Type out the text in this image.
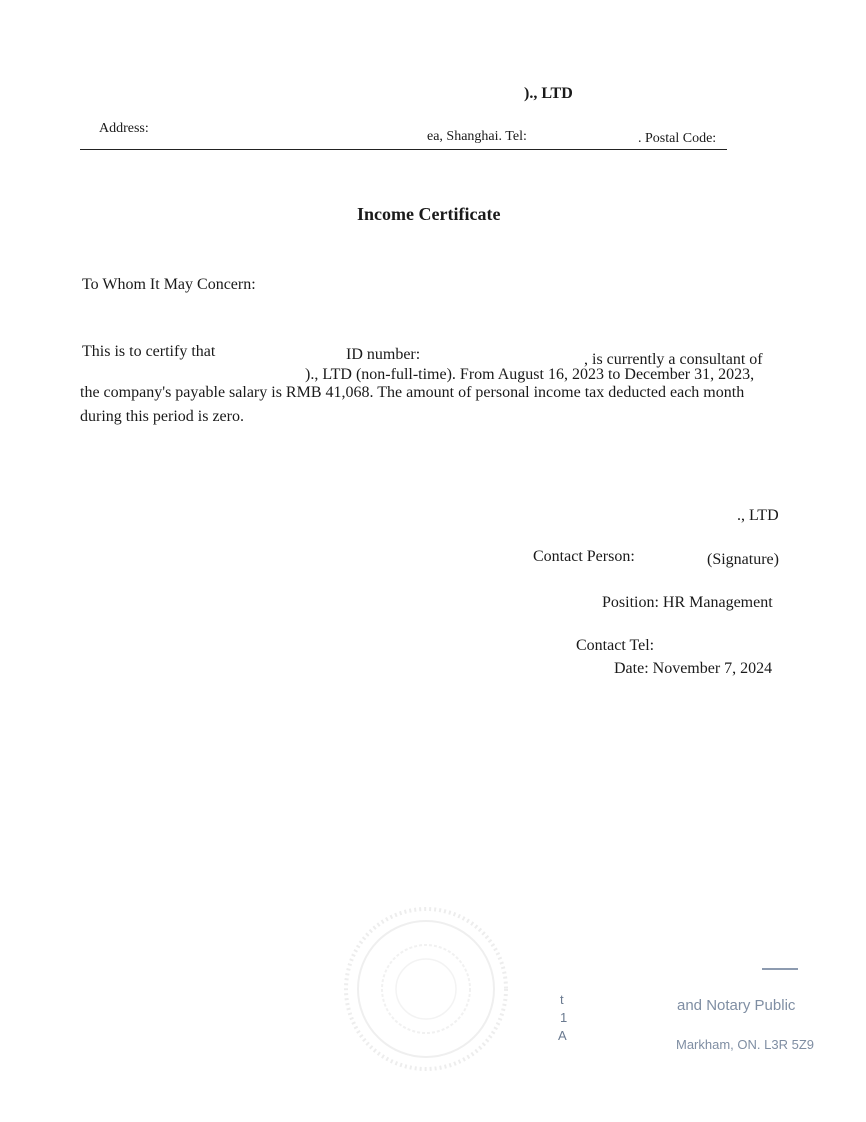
)., LTD
Address:
ea, Shanghai. Tel:	. Postal Code:
Income Certificate
To Whom It May Concern:
This is to certify that	ID number:	, is currently a consultant of
)., LTD (non-full-time). From August 16, 2023 to December 31, 2023,
the company's payable salary is RMB 41,068. The amount of personal income tax deducted each month
during this period is zero.
., LTD
Contact Person:	(Signature)
Position: HR Management
Contact Tel:
Date: November 7, 2024
t
1
A
and Notary Public
Markham, ON. L3R 5Z9
